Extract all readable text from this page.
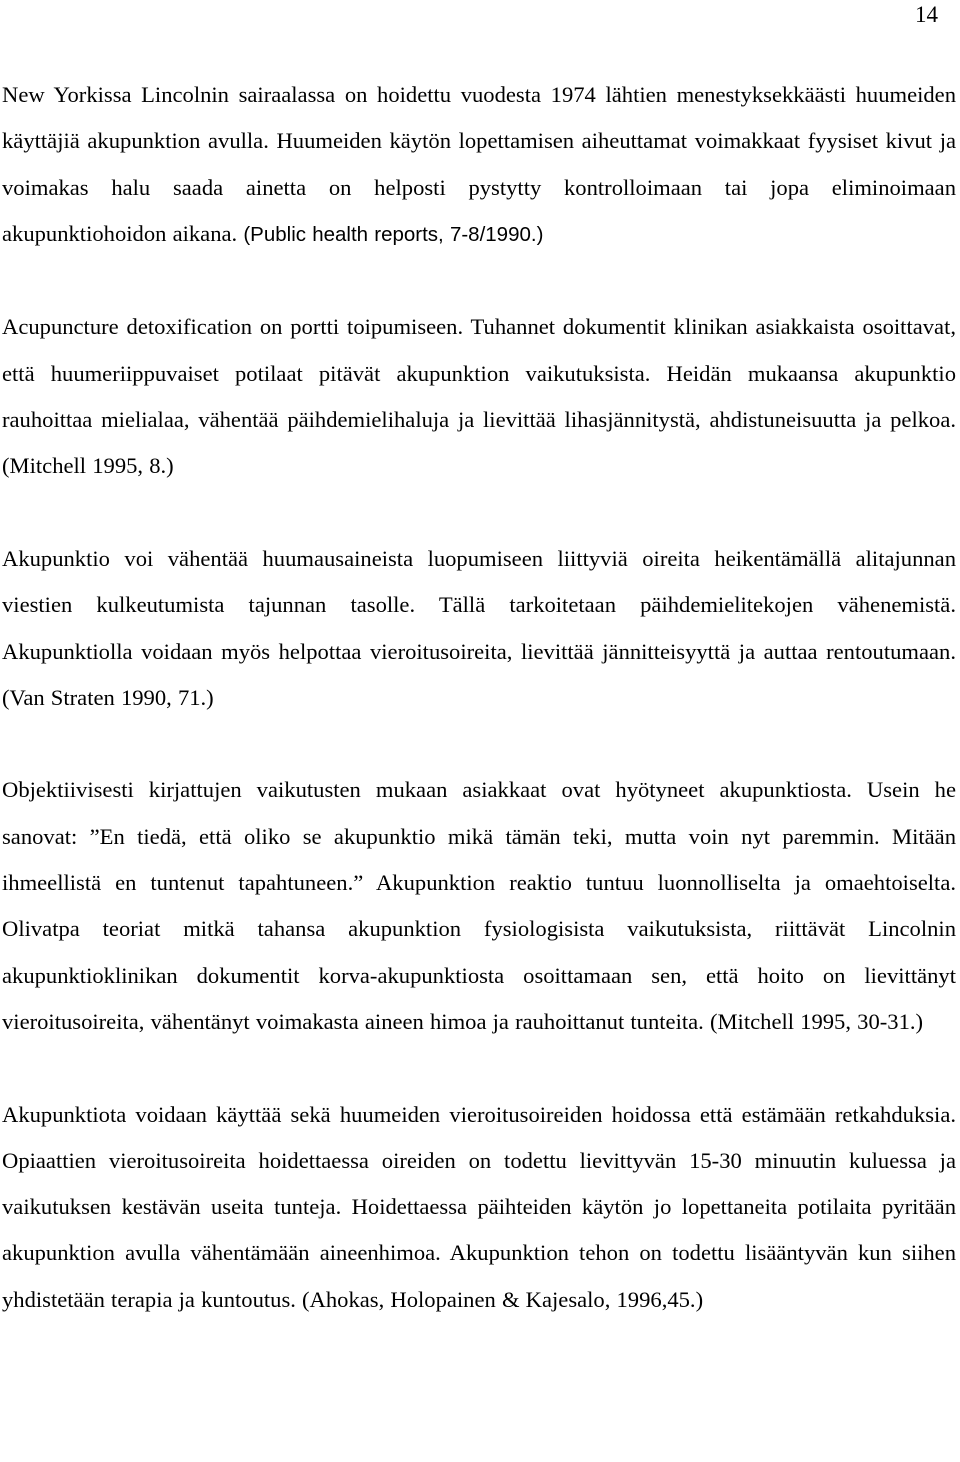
14

New Yorkissa Lincolnin sairaalassa on hoidettu vuodesta 1974 lähtien menestyksekkäästi huumeiden käyttäjiä akupunktion avulla. Huumeiden käytön lopettamisen aiheuttamat voimakkaat fyysiset kivut ja voimakas halu saada ainetta on helposti pystytty kontrolloimaan tai jopa eliminoimaan akupunktiohoidon aikana. (Public health reports, 7-8/1990.)

Acupuncture detoxification on portti toipumiseen. Tuhannet dokumentit klinikan asiakkaista osoittavat, että huumeriippuvaiset potilaat pitävät akupunktion vaikutuksista. Heidän mukaansa akupunktio rauhoittaa mielialaa, vähentää päihdemielihaluja ja lievittää lihasjännitystä, ahdistuneisuutta ja pelkoa. (Mitchell 1995, 8.)

Akupunktio voi vähentää huumausaineista luopumiseen liittyviä oireita heikentämällä alitajunnan viestien kulkeutumista tajunnan tasolle. Tällä tarkoitetaan päihdemielitekojen vähenemistä. Akupunktiolla voidaan myös helpottaa vieroitusoireita, lievittää jännitteisyyttä ja auttaa rentoutumaan. (Van Straten 1990, 71.)

Objektiivisesti kirjattujen vaikutusten mukaan asiakkaat ovat hyötyneet akupunktiosta. Usein he sanovat: ”En tiedä, että oliko se akupunktio mikä tämän teki, mutta voin nyt paremmin. Mitään ihmeellistä en tuntenut tapahtuneen.” Akupunktion reaktio tuntuu luonnolliselta ja omaehtoiselta. Olivatpa teoriat mitkä tahansa akupunktion fysiologisista vaikutuksista, riittävät Lincolnin akupunktioklinikan dokumentit korva-akupunktiosta osoittamaan sen, että hoito on lievittänyt vieroitusoireita, vähentänyt voimakasta aineen himoa ja rauhoittanut tunteita. (Mitchell 1995, 30-31.)

Akupunktiota voidaan käyttää sekä huumeiden vieroitusoireiden hoidossa että estämään retkahduksia. Opiaattien vieroitusoireita hoidettaessa oireiden on todettu lievittyvän 15-30 minuutin kuluessa ja vaikutuksen kestävän useita tunteja. Hoidettaessa päihteiden käytön jo lopettaneita potilaita pyritään akupunktion avulla vähentämään aineenhimoa. Akupunktion tehon on todettu lisääntyvän kun siihen yhdistetään terapia ja kuntoutus. (Ahokas, Holopainen & Kajesalo, 1996,45.)
